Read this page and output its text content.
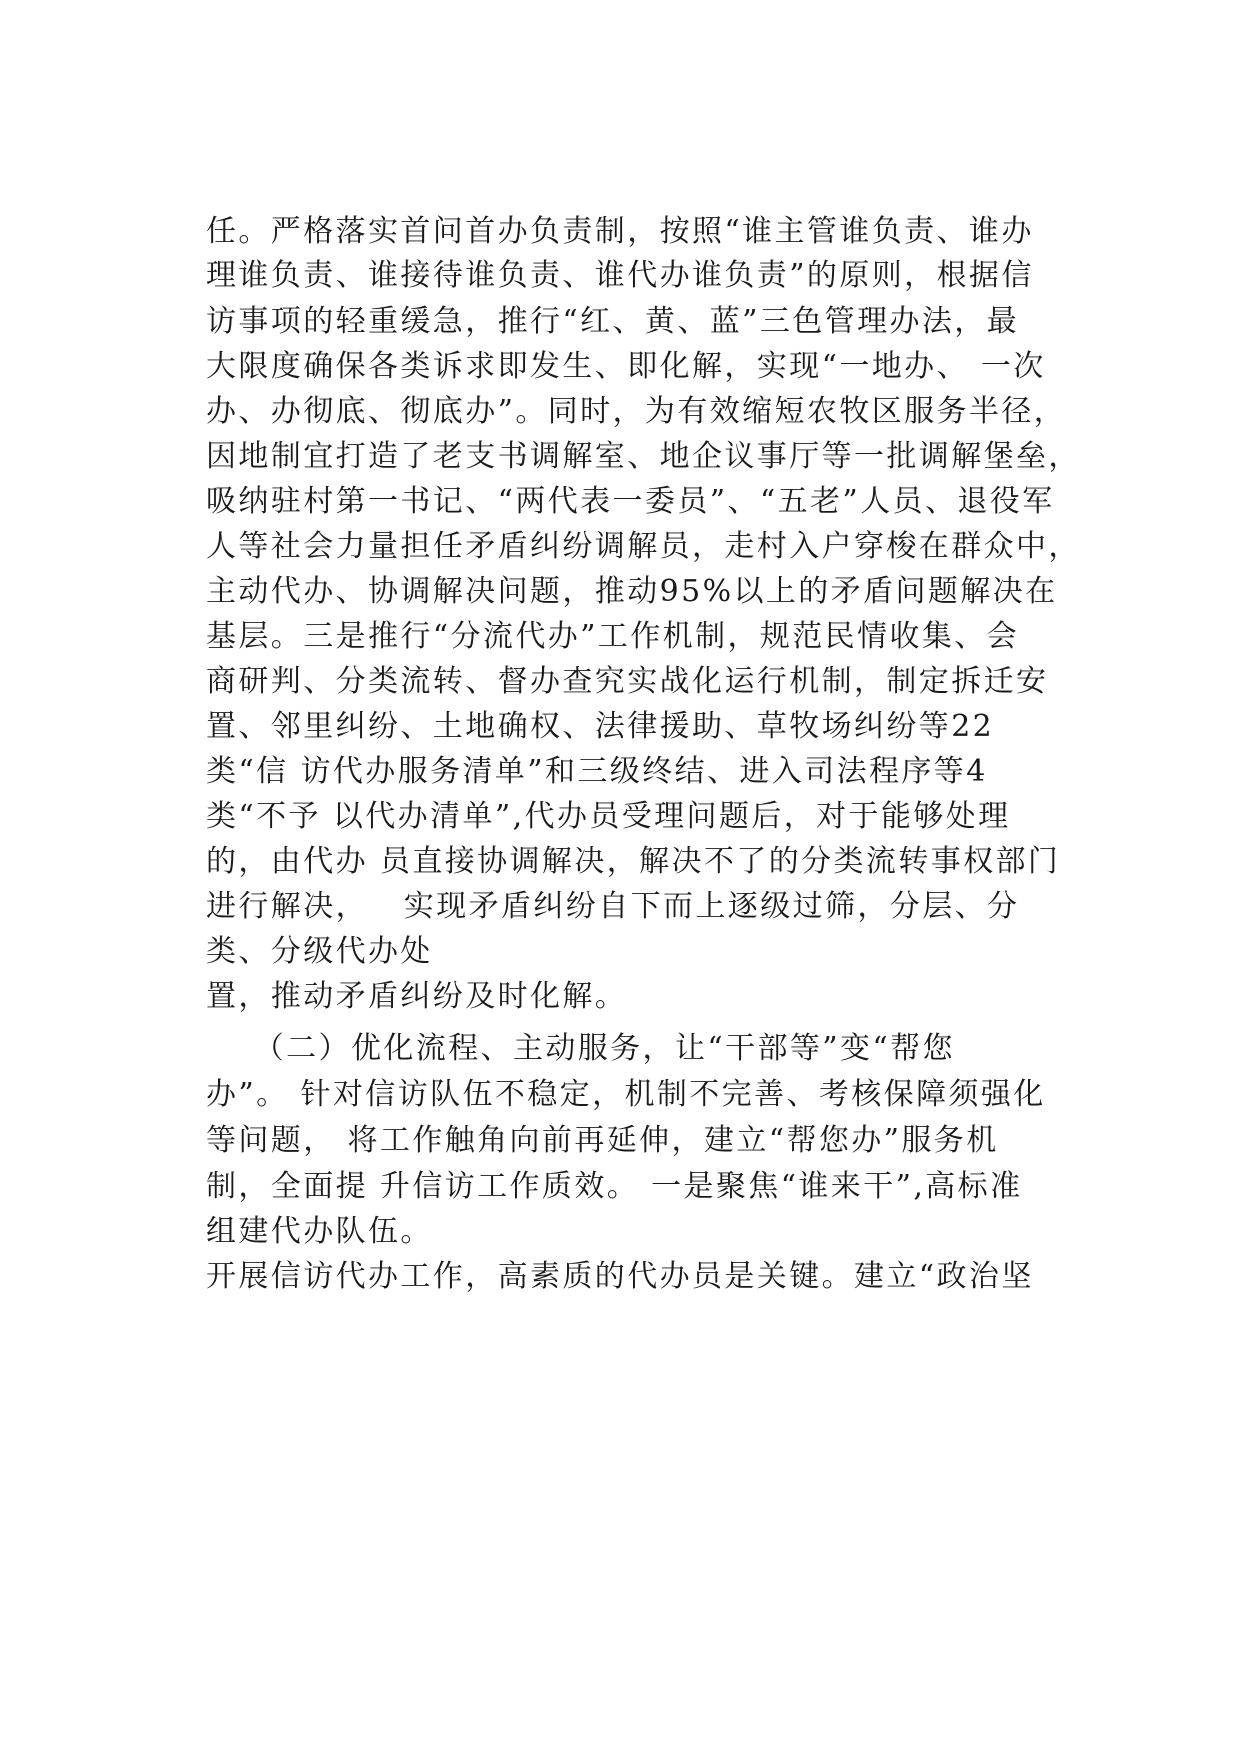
任。严格落实首问首办负责制，按照“谁主管谁负责、谁办
理谁负责、谁接待谁负责、谁代办谁负责”的原则，根据信
访事项的轻重缓急，推行“红、黄、蓝”三色管理办法，最
大限度确保各类诉求即发生、即化解，实现“一地办、 一次
办、办彻底、彻底办”。同时，为有效缩短农牧区服务半径，
因地制宜打造了老支书调解室、地企议事厅等一批调解堡垒，
吸纳驻村第一书记、“两代表一委员”、“五老”人员、退役军
人等社会力量担任矛盾纠纷调解员，走村入户穿梭在群众中，
主动代办、协调解决问题，推动95%以上的矛盾问题解决在
基层。三是推行“分流代办”工作机制，规范民情收集、会
商研判、分类流转、督办查究实战化运行机制，制定拆迁安
置、邻里纠纷、土地确权、法律援助、草牧场纠纷等22
类“信 访代办服务清单”和三级终结、进入司法程序等4
类“不予 以代办清单”,代办员受理问题后，对于能够处理
的，由代办 员直接协调解决，解决不了的分类流转事权部门
进行解决，   实现矛盾纠纷自下而上逐级过筛，分层、分
类、分级代办处
置，推动矛盾纠纷及时化解。
（二）优化流程、主动服务，让“干部等”变“帮您
办”。 针对信访队伍不稳定，机制不完善、考核保障须强化
等问题， 将工作触角向前再延伸，建立“帮您办”服务机
制，全面提 升信访工作质效。 一是聚焦“谁来干”,高标准
组建代办队伍。
开展信访代办工作，高素质的代办员是关键。建立“政治坚
